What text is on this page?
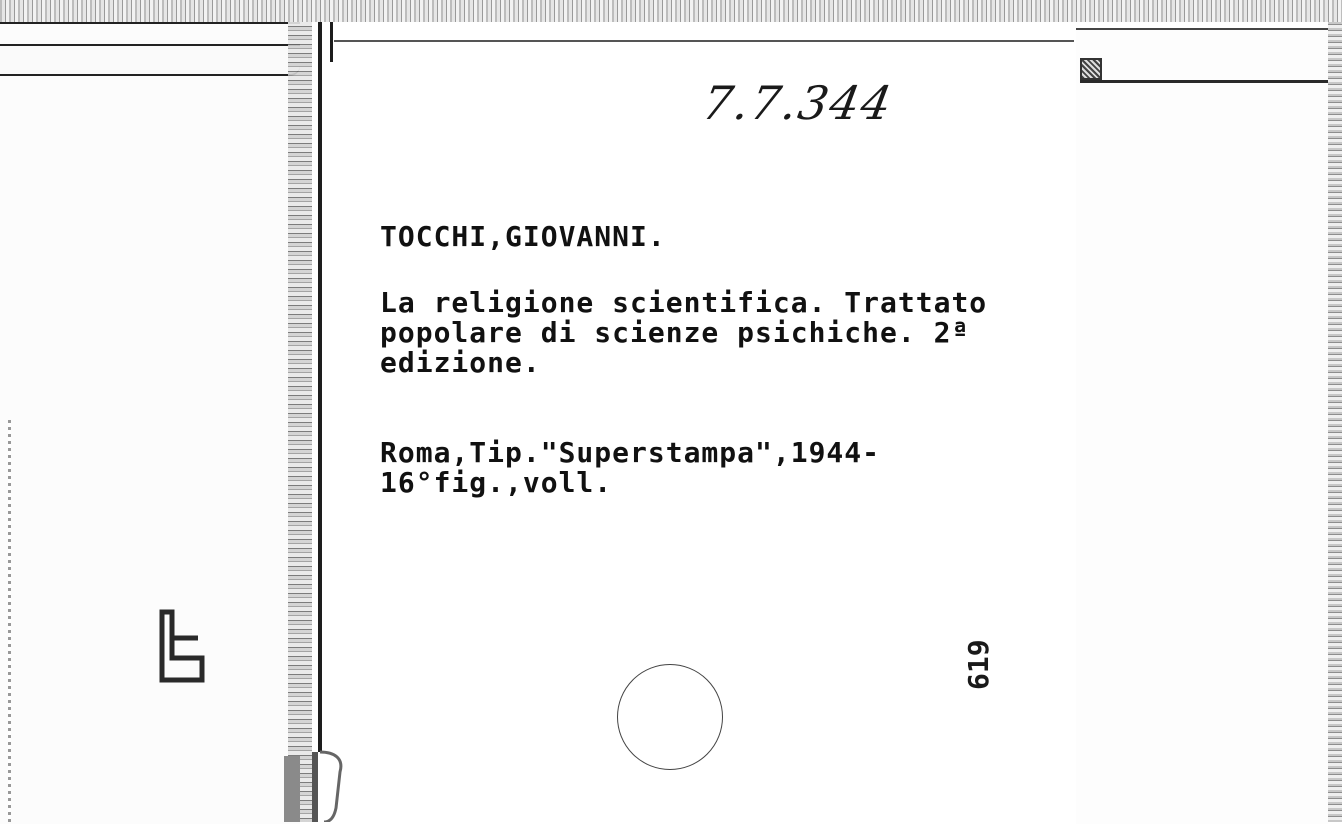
7.7.344

TOCCHI,GIOVANNI.

La religione scientifica. Trattato
popolare di scienze psichiche. 2ª
edizione.

Roma,Tip."Superstampa",1944-
16°fig.,voll.

619
